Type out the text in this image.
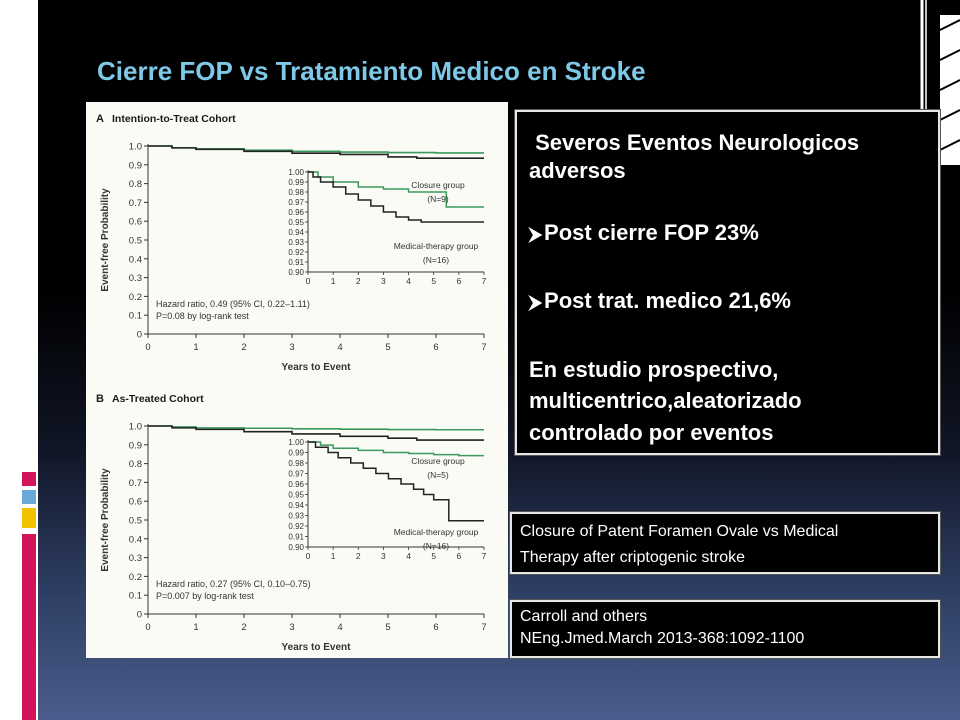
Cierre FOP vs Tratamiento Medico en Stroke
A Intention-to-Treat Cohort
0
0.1
0.2
0.3
0.4
0.5
0.6
0.7
0.8
0.9
1.0
0	1	2	3	4	5	6	7
Years to Event
Event-free Probability	0.90
0.91
0.92
0.93
0.94
0.95
0.96
0.97
0.98
0.99
1.00
0 1 2 3 4 5 6 7
Closure group
(N=9)
Medical-therapy group
(N=16)
Hazard ratio, 0.49 (95% CI, 0.22–1.11)
P=0.08 by log-rank test
B As-Treated Cohort
0
0.1
0.2
0.3
0.4
0.5
0.6
0.7
0.8
0.9
1.0
0	1	2	3	4	5	6	7
Years to Event
Event-free Probability	0.90
0.91
0.92
0.93
0.94
0.95
0.96
0.97
0.98
0.99
1.00
0 1 2 3 4 5 6 7
Closure group
(N=5)
Medical-therapy group
(N=16)
Hazard ratio, 0.27 (95% CI, 0.10–0.75)
P=0.007 by log-rank test
Severos Eventos Neurologicos
adversos
⮞Post cierre FOP 23%
⮞Post trat. medico 21,6%
En estudio prospectivo,
multicentrico,aleatorizado
controlado por eventos
Closure of Patent Foramen Ovale vs Medical
Therapy after criptogenic stroke
Carroll and others
NEng.Jmed.March 2013-368:1092-1100
